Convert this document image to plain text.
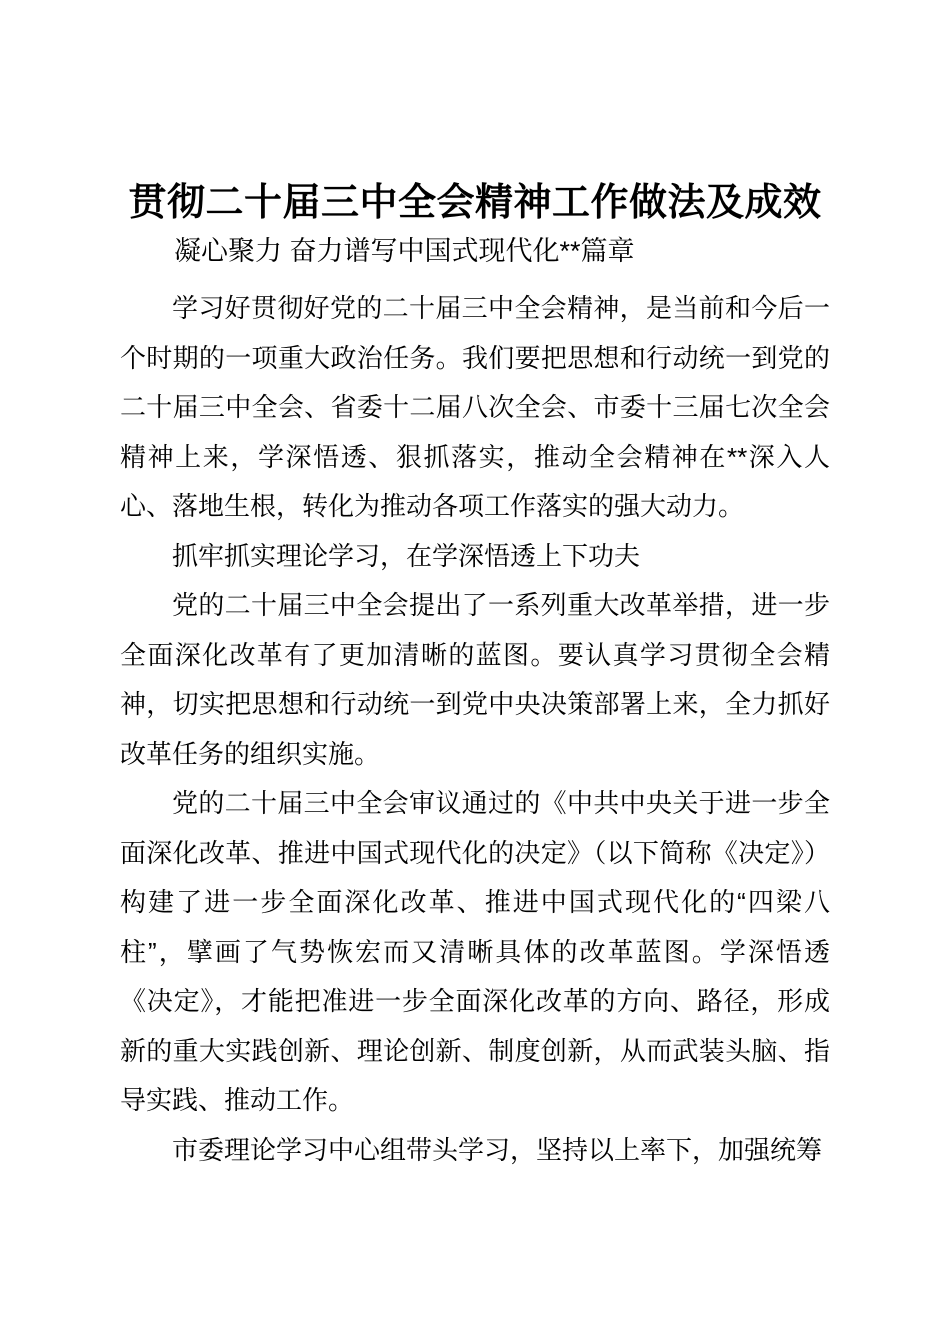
贯彻二十届三中全会精神工作做法及成效

凝心聚力 奋力谱写中国式现代化**篇章

学习好贯彻好党的二十届三中全会精神，是当前和今后一个时期的一项重大政治任务。我们要把思想和行动统一到党的二十届三中全会、省委十二届八次全会、市委十三届七次全会精神上来，学深悟透、狠抓落实，推动全会精神在**深入人心、落地生根，转化为推动各项工作落实的强大动力。

抓牢抓实理论学习，在学深悟透上下功夫

党的二十届三中全会提出了一系列重大改革举措，进一步全面深化改革有了更加清晰的蓝图。要认真学习贯彻全会精神，切实把思想和行动统一到党中央决策部署上来，全力抓好改革任务的组织实施。

党的二十届三中全会审议通过的《中共中央关于进一步全面深化改革、推进中国式现代化的决定》（以下简称《决定》）构建了进一步全面深化改革、推进中国式现代化的“四梁八柱”，擘画了气势恢宏而又清晰具体的改革蓝图。学深悟透《决定》，才能把准进一步全面深化改革的方向、路径，形成新的重大实践创新、理论创新、制度创新，从而武装头脑、指导实践、推动工作。

市委理论学习中心组带头学习，坚持以上率下，加强统筹
